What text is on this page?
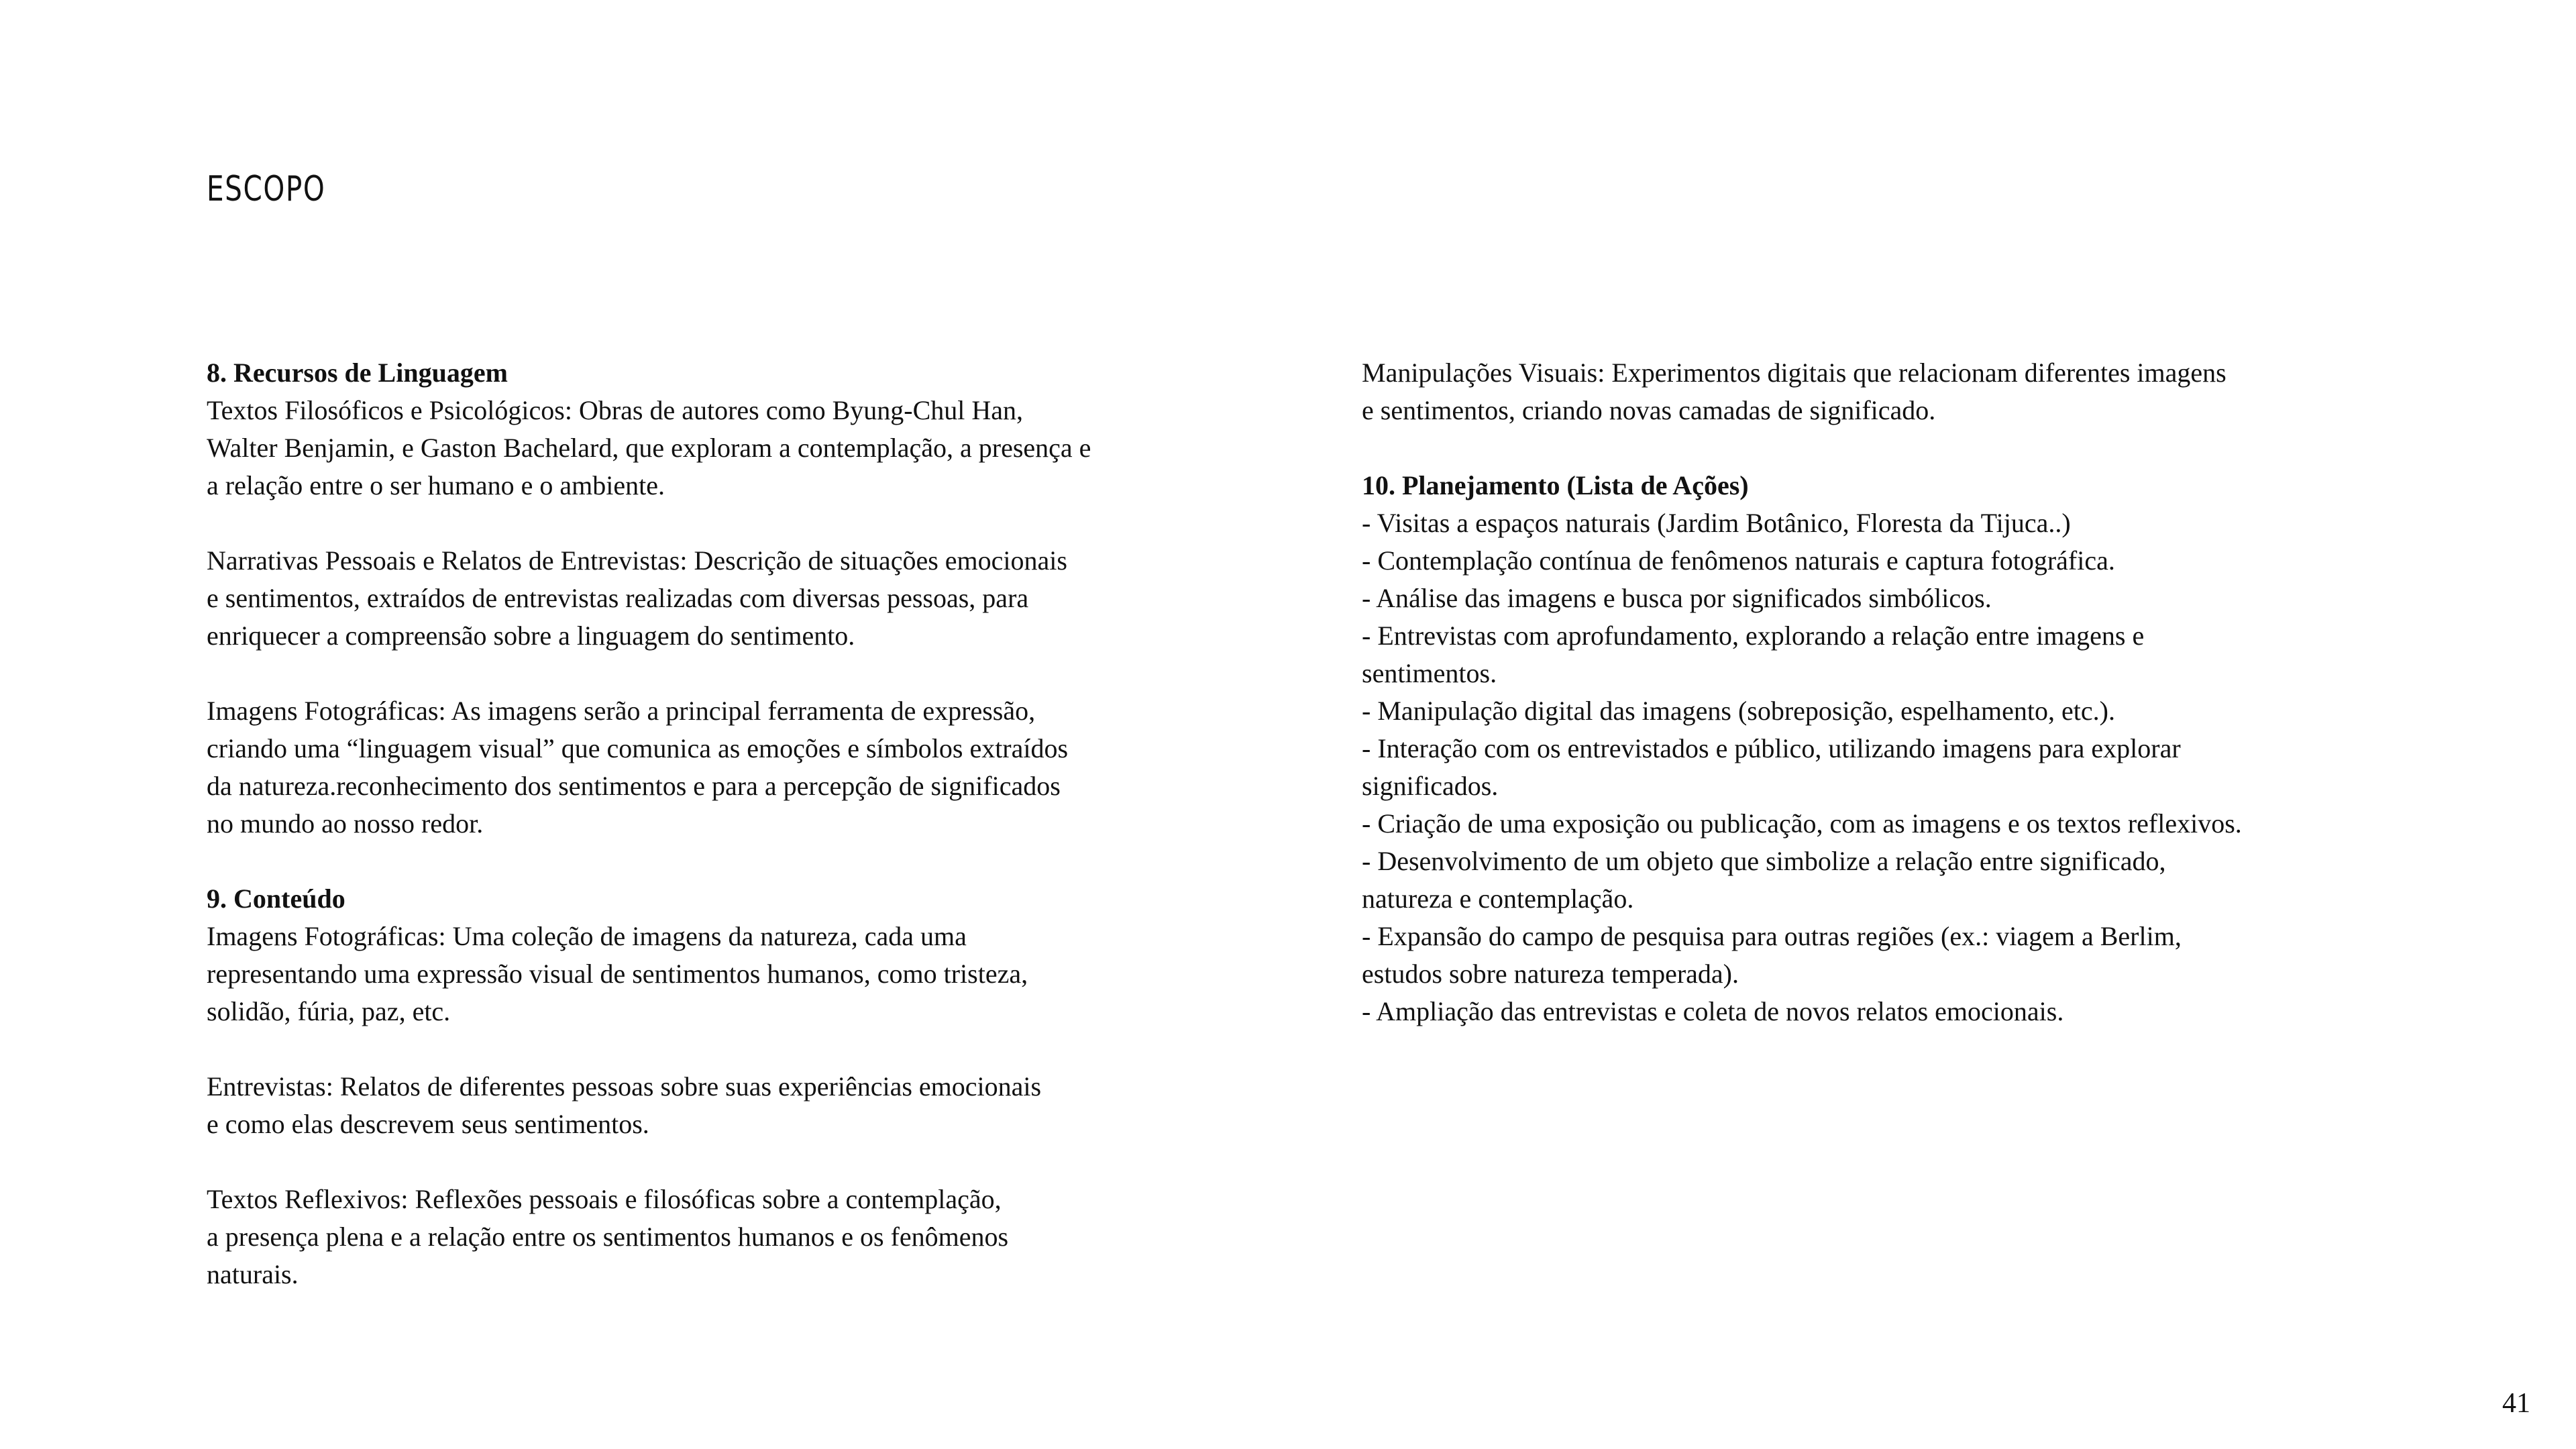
ESCOPO

8. Recursos de Linguagem

Textos Filosóficos e Psicológicos: Obras de autores como Byung-Chul Han,
Walter Benjamin, e Gaston Bachelard, que exploram a contemplação, a presença e
a relação entre o ser humano e o ambiente.

Narrativas Pessoais e Relatos de Entrevistas: Descrição de situações emocionais
e sentimentos, extraídos de entrevistas realizadas com diversas pessoas, para
enriquecer a compreensão sobre a linguagem do sentimento.

Imagens Fotográficas: As imagens serão a principal ferramenta de expressão,
criando uma “linguagem visual” que comunica as emoções e símbolos extraídos
da natureza.reconhecimento dos sentimentos e para a percepção de significados
no mundo ao nosso redor.

9. Conteúdo

Imagens Fotográficas: Uma coleção de imagens da natureza, cada uma
representando uma expressão visual de sentimentos humanos, como tristeza,
solidão, fúria, paz, etc.

Entrevistas: Relatos de diferentes pessoas sobre suas experiências emocionais
e como elas descrevem seus sentimentos.

Textos Reflexivos: Reflexões pessoais e filosóficas sobre a contemplação,
a presença plena e a relação entre os sentimentos humanos e os fenômenos
naturais.

Manipulações Visuais: Experimentos digitais que relacionam diferentes imagens
e sentimentos, criando novas camadas de significado.

10. Planejamento (Lista de Ações)

- Visitas a espaços naturais (Jardim Botânico, Floresta da Tijuca..)
- Contemplação contínua de fenômenos naturais e captura fotográfica.
- Análise das imagens e busca por significados simbólicos.
- Entrevistas com aprofundamento, explorando a relação entre imagens e
sentimentos.
- Manipulação digital das imagens (sobreposição, espelhamento, etc.).
- Interação com os entrevistados e público, utilizando imagens para explorar
significados.
- Criação de uma exposição ou publicação, com as imagens e os textos reflexivos.
- Desenvolvimento de um objeto que simbolize a relação entre significado,
natureza e contemplação.
- Expansão do campo de pesquisa para outras regiões (ex.: viagem a Berlim,
estudos sobre natureza temperada).
- Ampliação das entrevistas e coleta de novos relatos emocionais.

41
